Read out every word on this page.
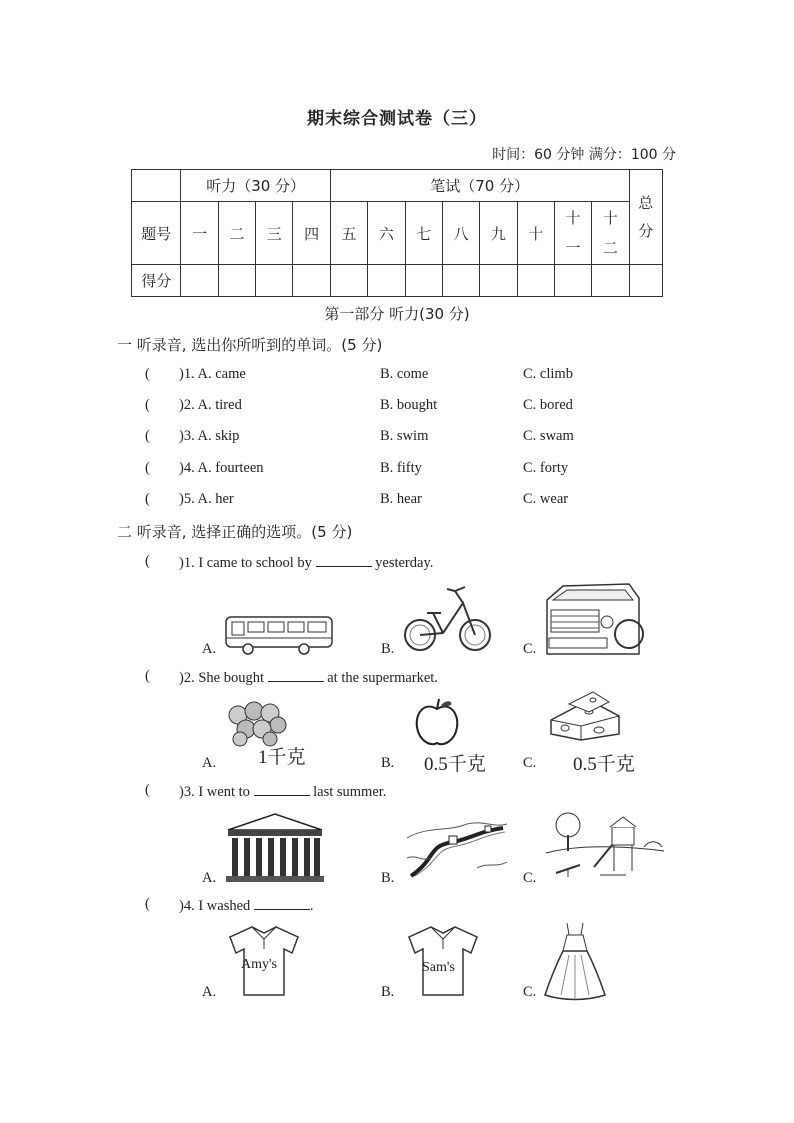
期末综合测试卷（三）
时间：60 分钟 满分：100 分
	听力（30 分）				笔试（70 分）								总分
题号	一	二	三	四	五	六	七	八	九	十	十一	十二	
得分													
第一部分 听力(30 分)
一 听录音, 选出你所听到的单词。(5 分)
( )1. A. came	B. come	C. climb
( )2. A. tired	B. bought	C. bored
( )3. A. skip	B. swim	C. swam
( )4. A. fourteen	B. fifty	C. forty
( )5. A. her	B. hear	C. wear
二 听录音, 选择正确的选项。(5 分)
( )1. I came to school by	yesterday.
A.	B.	C.
( )2. She bought	at the supermarket.
A.	B.	C.
1千克	0.5千克	0.5千克
( )3. I went to	last summer.
A.	B.	C.
( )4. I washed	.
A.	B.	C.
Amy's	Sam's
